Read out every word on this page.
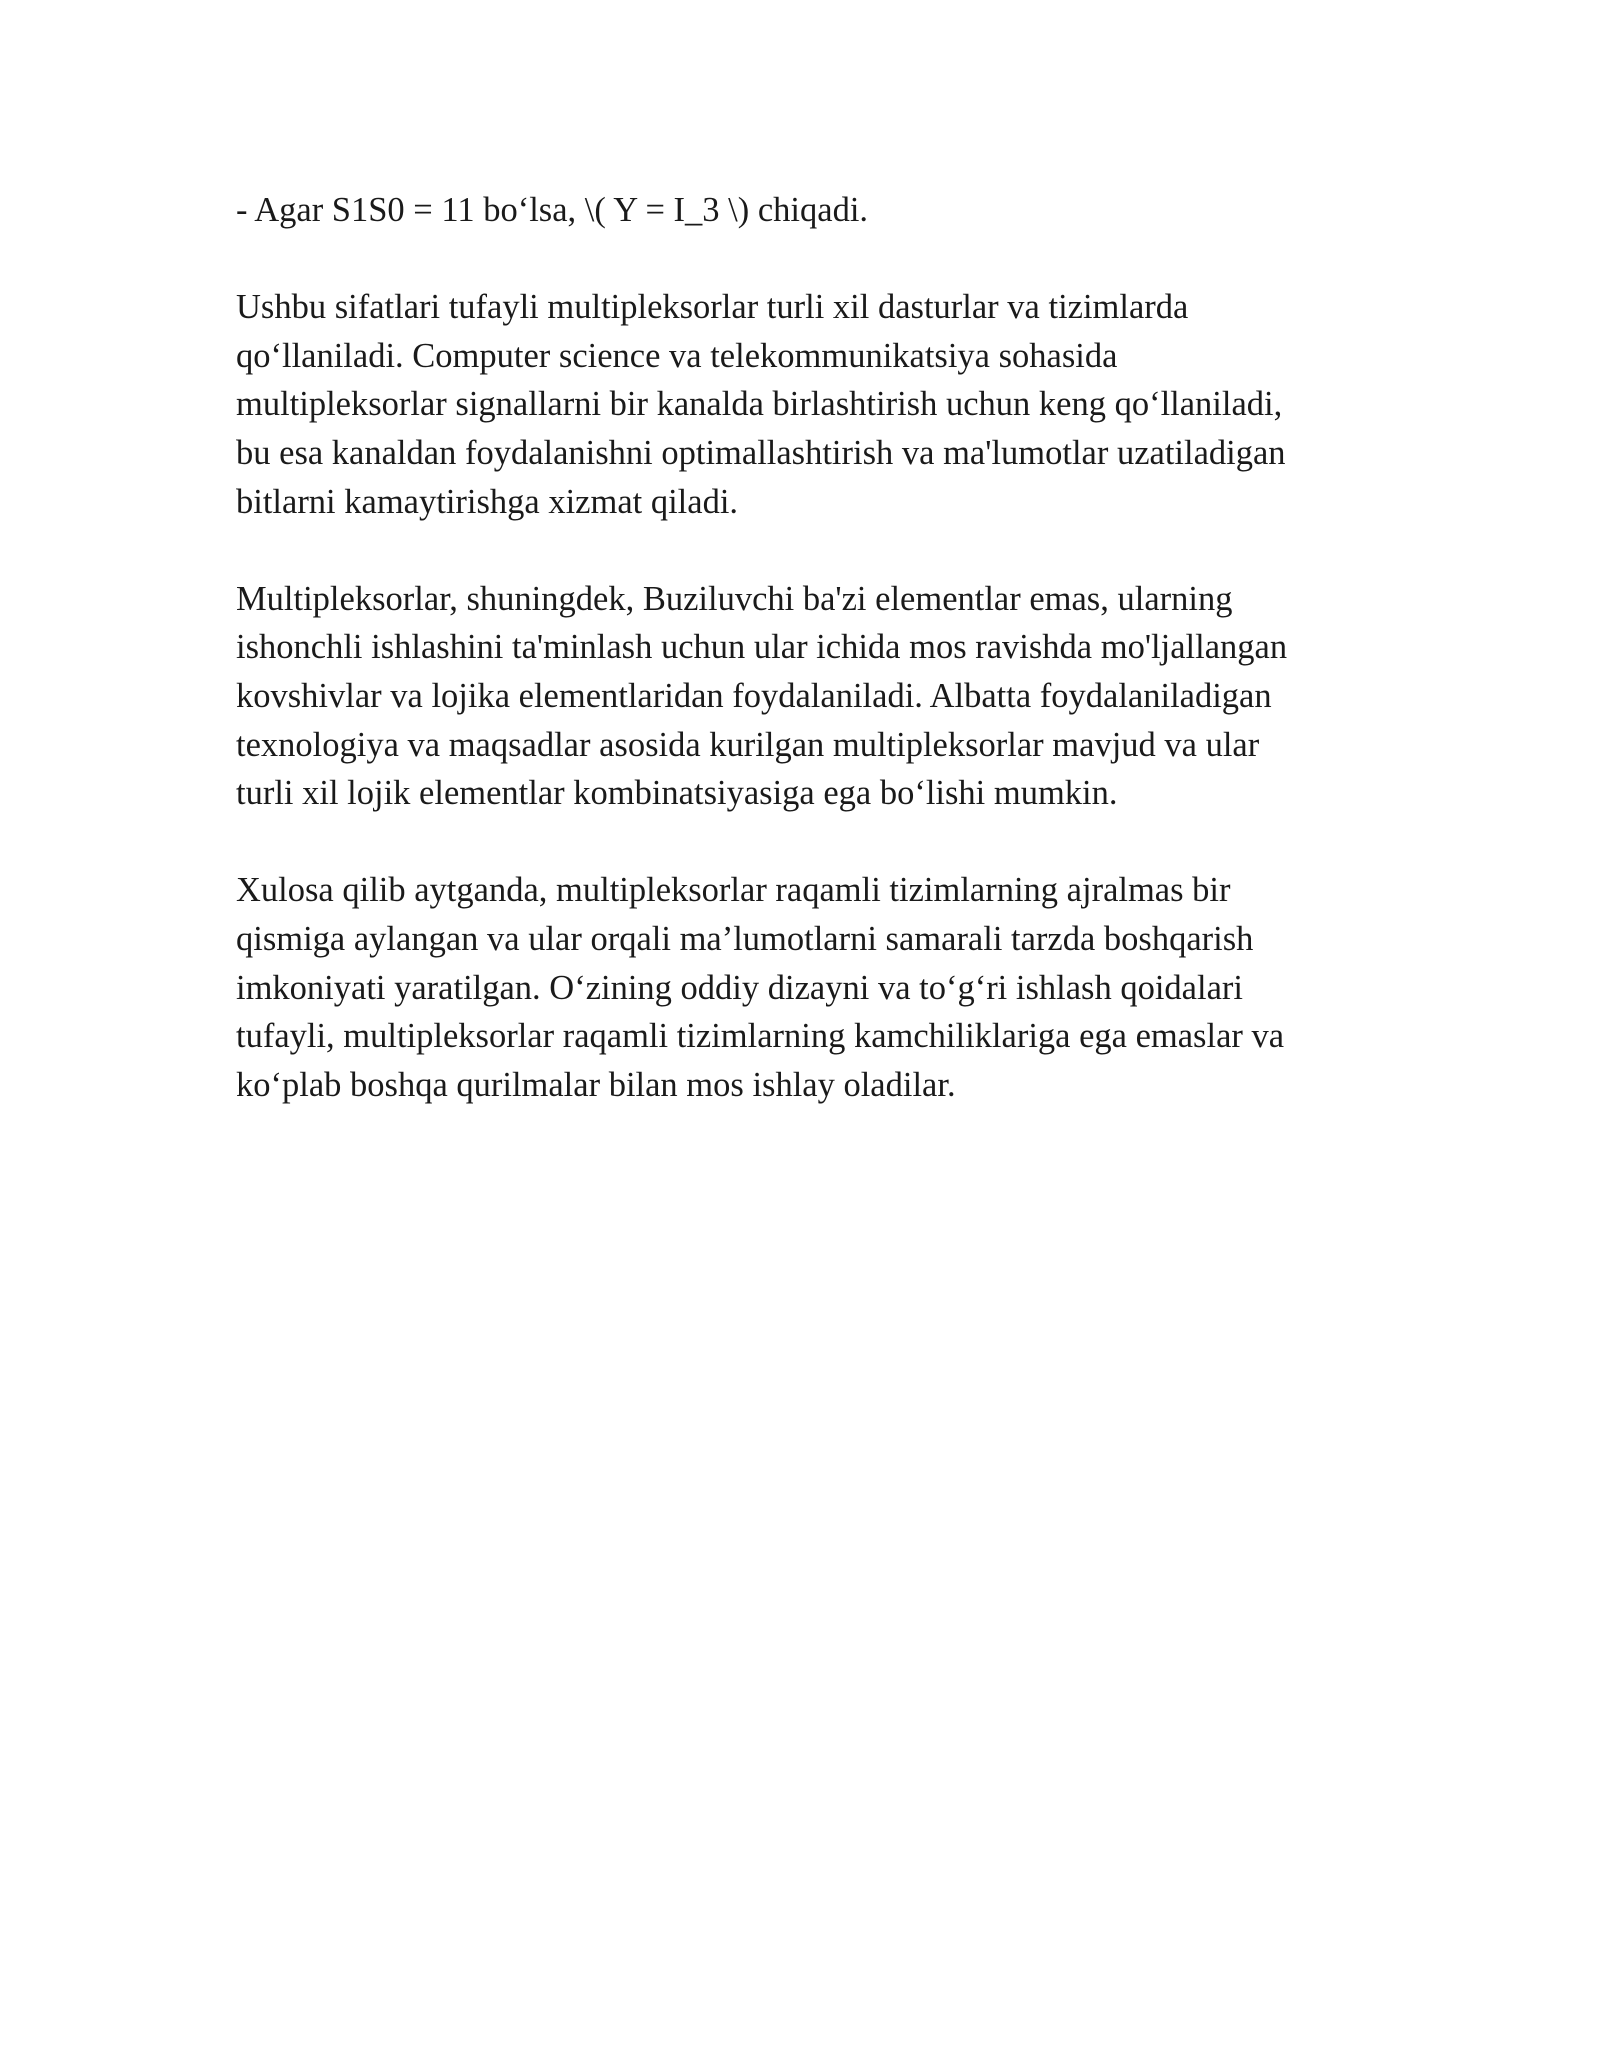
- Agar S1S0 = 11 bo‘lsa, \( Y = I_3 \) chiqadi.

Ushbu sifatlari tufayli multipleksorlar turli xil dasturlar va tizimlarda
qo‘llaniladi. Computer science va telekommunikatsiya sohasida
multipleksorlar signallarni bir kanalda birlashtirish uchun keng qo‘llaniladi,
bu esa kanaldan foydalanishni optimallashtirish va ma'lumotlar uzatiladigan
bitlarni kamaytirishga xizmat qiladi.

Multipleksorlar, shuningdek, Buziluvchi ba'zi elementlar emas, ularning
ishonchli ishlashini ta'minlash uchun ular ichida mos ravishda mo'ljallangan
kovshivlar va lojika elementlaridan foydalaniladi. Albatta foydalaniladigan
texnologiya va maqsadlar asosida kurilgan multipleksorlar mavjud va ular
turli xil lojik elementlar kombinatsiyasiga ega bo‘lishi mumkin.

Xulosa qilib aytganda, multipleksorlar raqamli tizimlarning ajralmas bir
qismiga aylangan va ular orqali ma’lumotlarni samarali tarzda boshqarish
imkoniyati yaratilgan. O‘zining oddiy dizayni va to‘g‘ri ishlash qoidalari
tufayli, multipleksorlar raqamli tizimlarning kamchiliklariga ega emaslar va
ko‘plab boshqa qurilmalar bilan mos ishlay oladilar.
